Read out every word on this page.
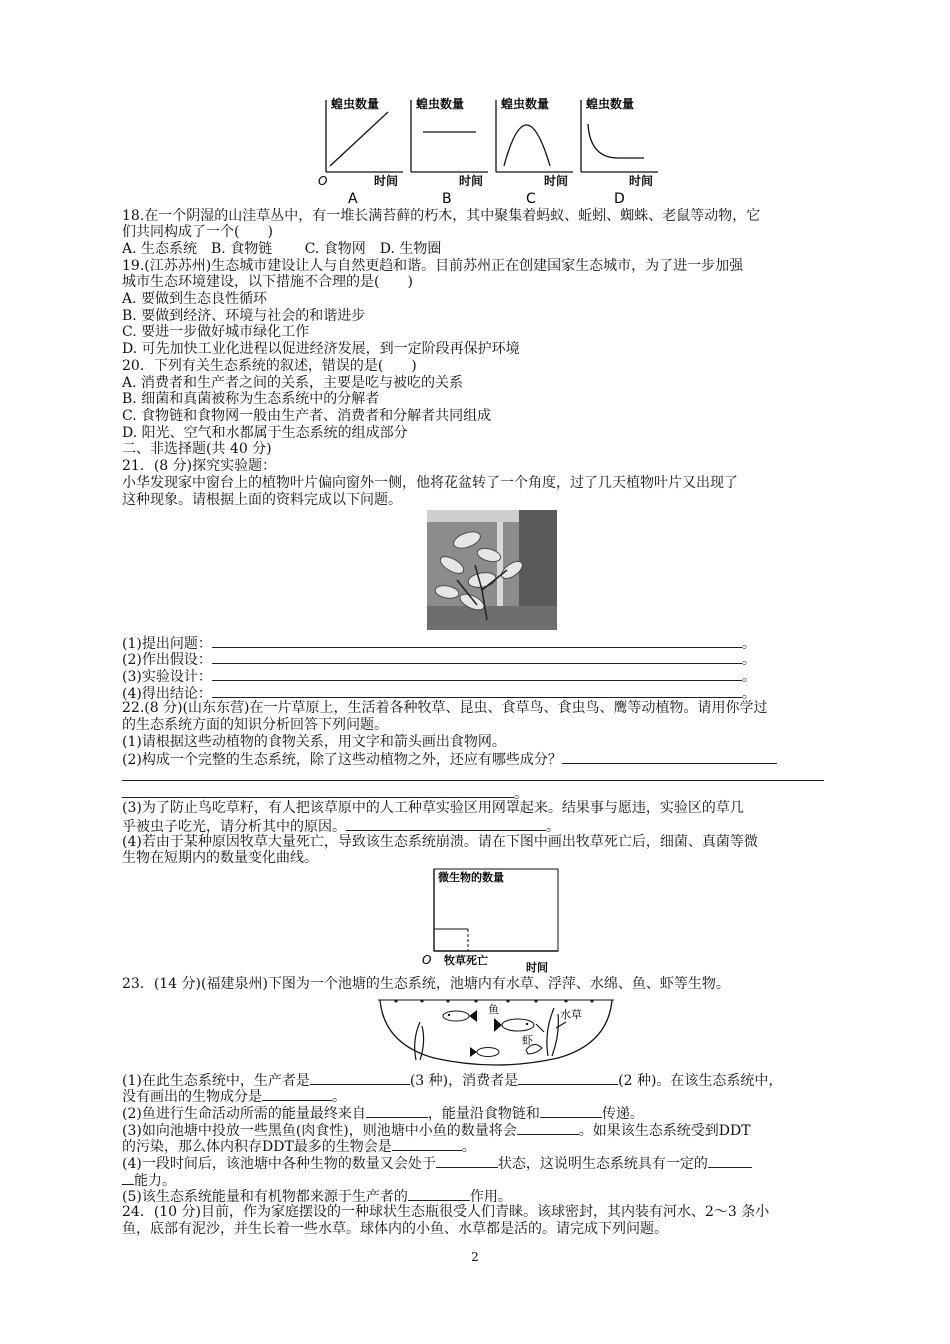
蝗虫数量
O	时间
A
蝗虫数量
时间
B
蝗虫数量
时间
C
蝗虫数量
时间
D
18.在一个阴湿的山洼草丛中，有一堆长满苔藓的朽木，其中聚集着蚂蚁、蚯蚓、蜘蛛、老鼠等动物，它
们共同构成了一个(　　)
A. 生态系统　B. 食物链　　 C. 食物网　D. 生物圈
19.(江苏苏州)生态城市建设让人与自然更趋和谐。目前苏州正在创建国家生态城市，为了进一步加强
城市生态环境建设，以下措施不合理的是(　　)
A. 要做到生态良性循环
B. 要做到经济、环境与社会的和谐进步
C. 要进一步做好城市绿化工作
D. 可先加快工业化进程以促进经济发展，到一定阶段再保护环境
20．下列有关生态系统的叙述，错误的是(　　)
A. 消费者和生产者之间的关系，主要是吃与被吃的关系
B. 细菌和真菌被称为生态系统中的分解者
C. 食物链和食物网一般由生产者、消费者和分解者共同组成
D. 阳光、空气和水都属于生态系统的组成部分
二、非选择题(共 40 分)
21．(8 分)探究实验题：
小华发现家中窗台上的植物叶片偏向窗外一侧，他将花盆转了一个角度，过了几天植物叶片又出现了
这种现象。请根据上面的资料完成以下问题。
(1)提出问题：	。
(2)作出假设：	。
(3)实验设计：	。
(4)得出结论：	。
22.(8 分)(山东东营)在一片草原上，生活着各种牧草、昆虫、食草鸟、食虫鸟、鹰等动植物。请用你学过
的生态系统方面的知识分析回答下列问题。
(1)请根据这些动植物的食物关系，用文字和箭头画出食物网。
(2)构成一个完整的生态系统，除了这些动植物之外，还应有哪些成分？
。
(3)为了防止鸟吃草籽，有人把该草原中的人工种草实验区用网罩起来。结果事与愿违，实验区的草几
乎被虫子吃光，请分析其中的原因。	。
(4)若由于某种原因牧草大量死亡，导致该生态系统崩溃。请在下图中画出牧草死亡后，细菌、真菌等微
生物在短期内的数量变化曲线。
微生物的数量
O 牧草死亡
时间
23．(14 分)(福建泉州)下图为一个池塘的生态系统，池塘内有水草、浮萍、水绵、鱼、虾等生物。
鱼	水草
虾
(1)在此生态系统中，生产者是	(3 种)，消费者是	(2 种)。在该生态系统中，
没有画出的生物成分是	。
(2)鱼进行生命活动所需的能量最终来自	，能量沿食物链和	传递。
(3)如向池塘中投放一些黑鱼(肉食性)，则池塘中小鱼的数量将会	。如果该生态系统受到DDT
的污染，那么体内积存DDT最多的生物会是	。
(4)一段时间后，该池塘中各种生物的数量又会处于	状态，这说明生态系统具有一定的
能力。
(5)该生态系统能量和有机物都来源于生产者的	作用。
24．(10 分)目前，作为家庭摆设的一种球状生态瓶很受人们青睐。该球密封，其内装有河水、2～3 条小
鱼，底部有泥沙，并生长着一些水草。球体内的小鱼、水草都是活的。请完成下列问题。
2
